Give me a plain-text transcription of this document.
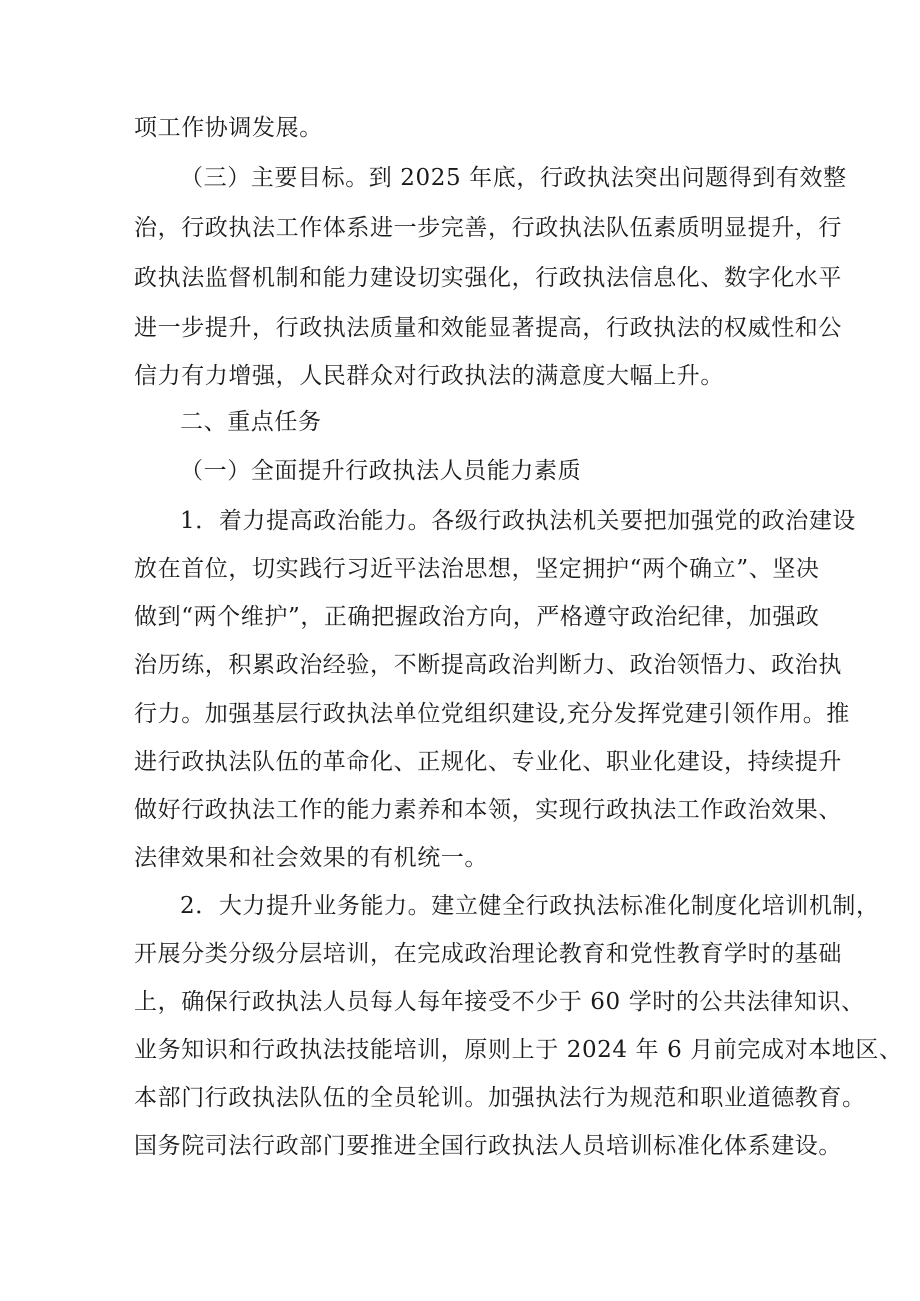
项工作协调发展。
（三）主要目标。到 2025 年底，行政执法突出问题得到有效整
治，行政执法工作体系进一步完善，行政执法队伍素质明显提升，行
政执法监督机制和能力建设切实强化，行政执法信息化、数字化水平
进一步提升，行政执法质量和效能显著提高，行政执法的权威性和公
信力有力增强，人民群众对行政执法的满意度大幅上升。
二、重点任务
（一）全面提升行政执法人员能力素质
1．着力提高政治能力。各级行政执法机关要把加强党的政治建设
放在首位，切实践行习近平法治思想，坚定拥护“两个确立”、坚决
做到“两个维护”，正确把握政治方向，严格遵守政治纪律，加强政
治历练，积累政治经验，不断提高政治判断力、政治领悟力、政治执
行力。加强基层行政执法单位党组织建设,充分发挥党建引领作用。推
进行政执法队伍的革命化、正规化、专业化、职业化建设，持续提升
做好行政执法工作的能力素养和本领，实现行政执法工作政治效果、
法律效果和社会效果的有机统一。
2．大力提升业务能力。建立健全行政执法标准化制度化培训机制，
开展分类分级分层培训，在完成政治理论教育和党性教育学时的基础
上，确保行政执法人员每人每年接受不少于 60 学时的公共法律知识、
业务知识和行政执法技能培训，原则上于 2024 年 6 月前完成对本地区、
本部门行政执法队伍的全员轮训。加强执法行为规范和职业道德教育。
国务院司法行政部门要推进全国行政执法人员培训标准化体系建设。
